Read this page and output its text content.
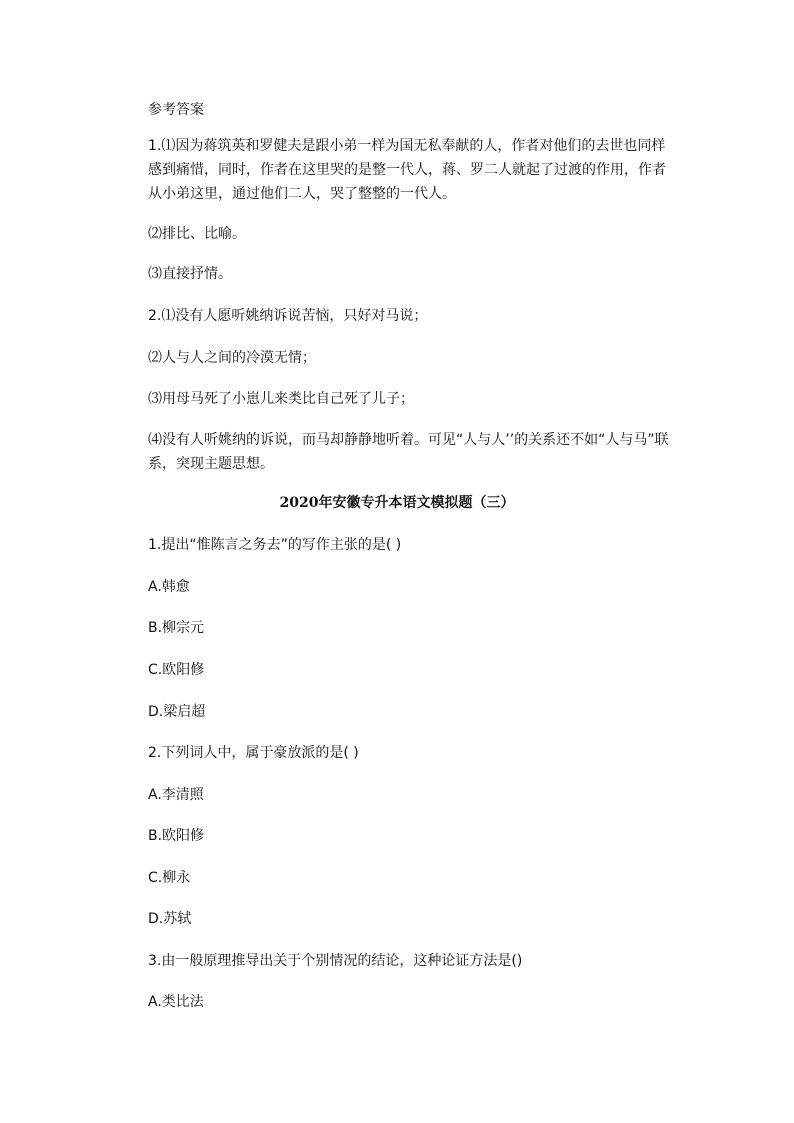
参考答案
1.⑴因为蒋筑英和罗健夫是跟小弟一样为国无私奉献的人，作者对他们的去世也同样感到痛惜，同时，作者在这里哭的是整一代人，蒋、罗二人就起了过渡的作用，作者从小弟这里，通过他们二人，哭了整整的一代人。
⑵排比、比喻。
⑶直接抒情。
2.⑴没有人愿听姚纳诉说苦恼，只好对马说；
⑵人与人之间的冷漠无情；
⑶用母马死了小崽儿来类比自己死了儿子；
⑷没有人听姚纳的诉说，而马却静静地听着。可见“人与人’’的关系还不如“人与马”联系，突现主题思想。
2020年安徽专升本语文模拟题（三）
1.提出“惟陈言之务去”的写作主张的是( )
A.韩愈
B.柳宗元
C.欧阳修
D.梁启超
2.下列词人中，属于豪放派的是( )
A.李清照
B.欧阳修
C.柳永
D.苏轼
3.由一般原理推导出关于个别情况的结论，这种论证方法是()
A.类比法
